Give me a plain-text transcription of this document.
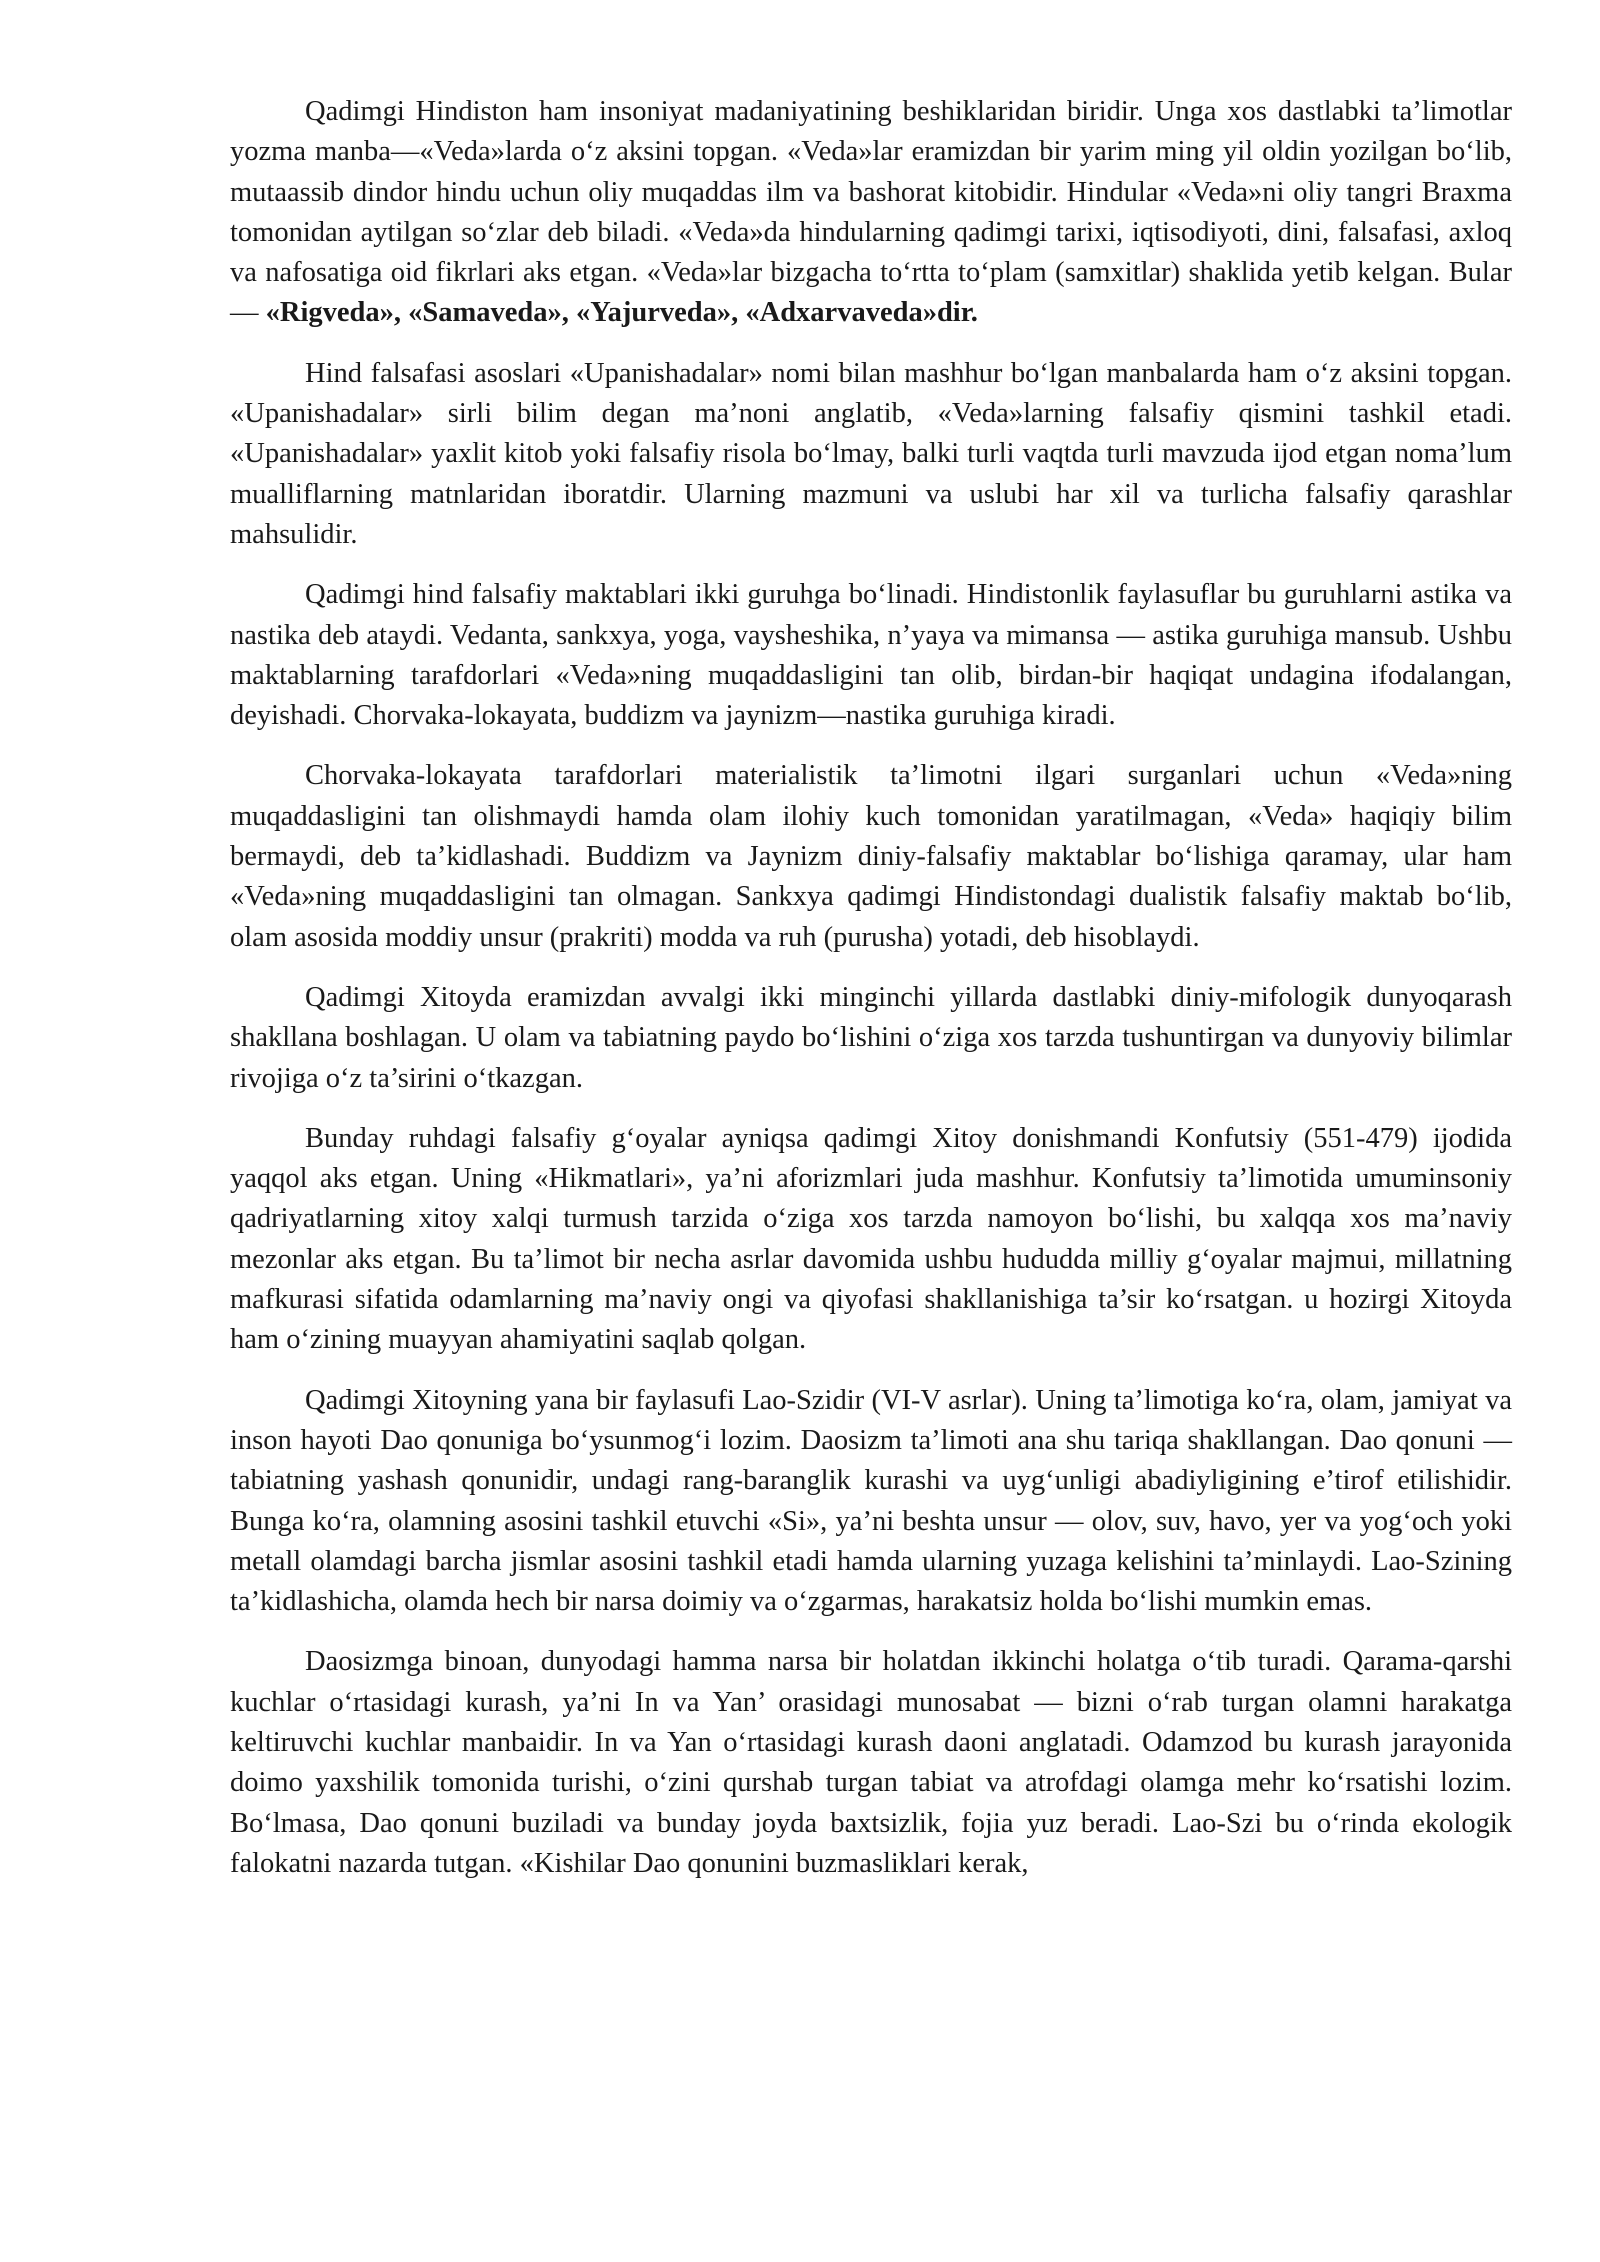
Qadimgi Hindiston ham insoniyat madaniyatining beshiklaridan biridir. Unga xos dastlabki ta’limotlar yozma manba—«Veda»larda o‘z aksini topgan. «Veda»lar eramizdan bir yarim ming yil oldin yozilgan bo‘lib, mutaassib dindor hindu uchun oliy muqaddas ilm va bashorat kitobidir. Hindular «Veda»ni oliy tangri Braxma tomonidan aytilgan so‘zlar deb biladi. «Veda»da hindularning qadimgi tarixi, iqtisodiyoti, dini, falsafasi, axloq va nafosatiga oid fikrlari aks etgan. «Veda»lar bizgacha to‘rtta to‘plam (samxitlar) shaklida yetib kelgan. Bular — «Rigveda», «Samaveda», «Yajurveda», «Adxarvaveda»dir.

Hind falsafasi asoslari «Upanishadalar» nomi bilan mashhur bo‘lgan manbalarda ham o‘z aksini topgan. «Upanishadalar» sirli bilim degan ma’noni anglatib, «Veda»larning falsafiy qismini tashkil etadi. «Upanishadalar» yaxlit kitob yoki falsafiy risola bo‘lmay, balki turli vaqtda turli mavzuda ijod etgan noma’lum mualliflarning matnlaridan iboratdir. Ularning mazmuni va uslubi har xil va turlicha falsafiy qarashlar mahsulidir.

Qadimgi hind falsafiy maktablari ikki guruhga bo‘linadi. Hindistonlik faylasuflar bu guruhlarni astika va nastika deb ataydi. Vedanta, sankxya, yoga, vaysheshika, n’yaya va mimansa — astika guruhiga mansub. Ushbu maktablarning tarafdorlari «Veda»ning muqaddasligini tan olib, birdan-bir haqiqat undagina ifodalangan, deyishadi. Chorvaka-lokayata, buddizm va jaynizm—nastika guruhiga kiradi.

Chorvaka-lokayata tarafdorlari materialistik ta’limotni ilgari surganlari uchun «Veda»ning muqaddasligini tan olishmaydi hamda olam ilohiy kuch tomonidan yaratilmagan, «Veda» haqiqiy bilim bermaydi, deb ta’kidlashadi. Buddizm va Jaynizm diniy-falsafiy maktablar bo‘lishiga qaramay, ular ham «Veda»ning muqaddasligini tan olmagan. Sankxya qadimgi Hindistondagi dualistik falsafiy maktab bo‘lib, olam asosida moddiy unsur (prakriti) modda va ruh (purusha) yotadi, deb hisoblaydi.

Qadimgi Xitoyda eramizdan avvalgi ikki minginchi yillarda dastlabki diniy-mifologik dunyoqarash shakllana boshlagan. U olam va tabiatning paydo bo‘lishini o‘ziga xos tarzda tushuntirgan va dunyoviy bilimlar rivojiga o‘z ta’sirini o‘tkazgan.

Bunday ruhdagi falsafiy g‘oyalar ayniqsa qadimgi Xitoy donishmandi Konfutsiy (551-479) ijodida yaqqol aks etgan. Uning «Hikmatlari», ya’ni aforizmlari juda mashhur. Konfutsiy ta’limotida umuminsoniy qadriyatlarning xitoy xalqi turmush tarzida o‘ziga xos tarzda namoyon bo‘lishi, bu xalqqa xos ma’naviy mezonlar aks etgan. Bu ta’limot bir necha asrlar davomida ushbu hududda milliy g‘oyalar majmui, millatning mafkurasi sifatida odamlarning ma’naviy ongi va qiyofasi shakllanishiga ta’sir ko‘rsatgan. u hozirgi Xitoyda ham o‘zining muayyan ahamiyatini saqlab qolgan.

Qadimgi Xitoyning yana bir faylasufi Lao-Szidir (VI-V asrlar). Uning ta’limotiga ko‘ra, olam, jamiyat va inson hayoti Dao qonuniga bo‘ysunmog‘i lozim. Daosizm ta’limoti ana shu tariqa shakllangan. Dao qonuni — tabiatning yashash qonunidir, undagi rang-baranglik kurashi va uyg‘unligi abadiyligining e’tirof etilishidir. Bunga ko‘ra, olamning asosini tashkil etuvchi «Si», ya’ni beshta unsur — olov, suv, havo, yer va yog‘och yoki metall olamdagi barcha jismlar asosini tashkil etadi hamda ularning yuzaga kelishini ta’minlaydi. Lao-Szining ta’kidlashicha, olamda hech bir narsa doimiy va o‘zgarmas, harakatsiz holda bo‘lishi mumkin emas.

Daosizmga binoan, dunyodagi hamma narsa bir holatdan ikkinchi holatga o‘tib turadi. Qarama-qarshi kuchlar o‘rtasidagi kurash, ya’ni In va Yan’ orasidagi munosabat — bizni o‘rab turgan olamni harakatga keltiruvchi kuchlar manbaidir. In va Yan o‘rtasidagi kurash daoni anglatadi. Odamzod bu kurash jarayonida doimo yaxshilik tomonida turishi, o‘zini qurshab turgan tabiat va atrofdagi olamga mehr ko‘rsatishi lozim. Bo‘lmasa, Dao qonuni buziladi va bunday joyda baxtsizlik, fojia yuz beradi. Lao-Szi bu o‘rinda ekologik falokatni nazarda tutgan. «Kishilar Dao qonunini buzmasliklari kerak,
